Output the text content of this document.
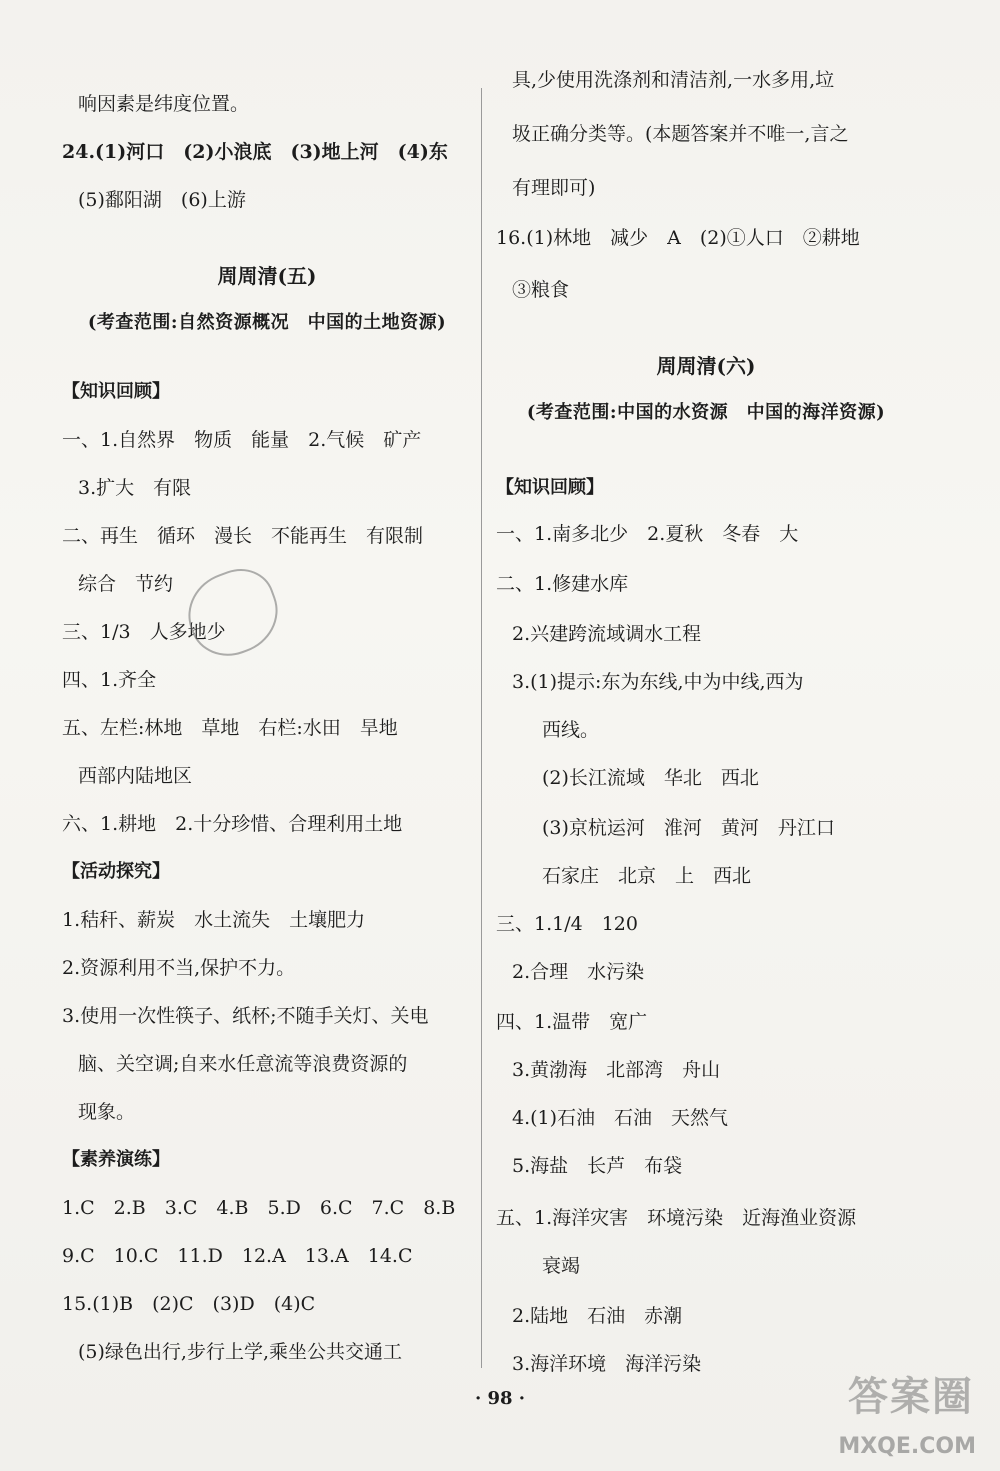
响因素是纬度位置。
24.(1)河口　(2)小浪底　(3)地上河　(4)东
(5)鄱阳湖　(6)上游
周周清(五)
(考查范围:自然资源概况　中国的土地资源)
【知识回顾】
一、1.自然界　物质　能量　2.气候　矿产
3.扩大　有限
二、再生　循环　漫长　不能再生　有限制
综合　节约
三、1/3　人多地少
四、1.齐全
五、左栏:林地　草地　右栏:水田　旱地
西部内陆地区
六、1.耕地　2.十分珍惜、合理利用土地
【活动探究】
1.秸秆、薪炭　水土流失　土壤肥力
2.资源利用不当,保护不力。
3.使用一次性筷子、纸杯;不随手关灯、关电
脑、关空调;自来水任意流等浪费资源的
现象。
【素养演练】
1.C　2.B　3.C　4.B　5.D　6.C　7.C　8.B
9.C　10.C　11.D　12.A　13.A　14.C
15.(1)B　(2)C　(3)D　(4)C
(5)绿色出行,步行上学,乘坐公共交通工
具,少使用洗涤剂和清洁剂,一水多用,垃
圾正确分类等。(本题答案并不唯一,言之
有理即可)
16.(1)林地　减少　A　(2)①人口　②耕地
③粮食
周周清(六)
(考查范围:中国的水资源　中国的海洋资源)
【知识回顾】
一、1.南多北少　2.夏秋　冬春　大
二、1.修建水库
2.兴建跨流域调水工程
3.(1)提示:东为东线,中为中线,西为
西线。
(2)长江流域　华北　西北
(3)京杭运河　淮河　黄河　丹江口
石家庄　北京　上　西北
三、1.1/4　120
2.合理　水污染
四、1.温带　宽广
3.黄渤海　北部湾　舟山
4.(1)石油　石油　天然气
5.海盐　长芦　布袋
五、1.海洋灾害　环境污染　近海渔业资源
衰竭
2.陆地　石油　赤潮
3.海洋环境　海洋污染
· 98 ·	答案圈
MXQE.COM
